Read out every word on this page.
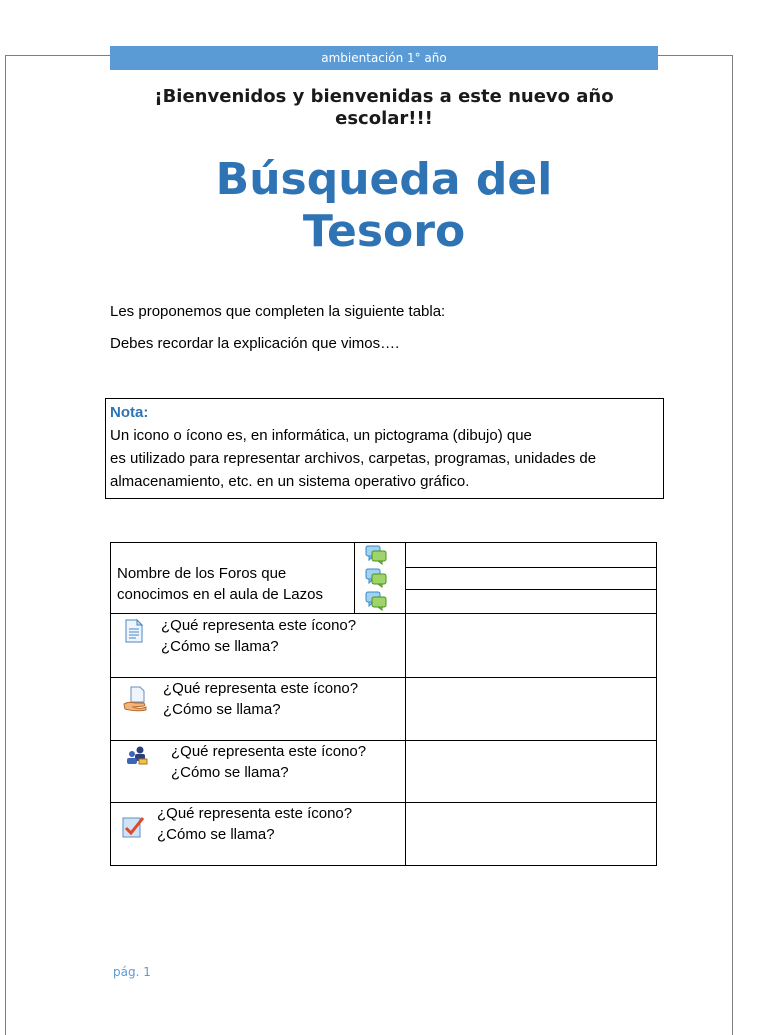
ambientación 1° año
¡Bienvenidos y bienvenidas a este nuevo año
escolar!!!
Búsqueda del
Tesoro
Les proponemos que completen la siguiente tabla:
Debes recordar la explicación que vimos….
Nota:
Un icono o ícono es, en informática, un pictograma (dibujo) que
es utilizado para representar archivos, carpetas, programas, unidades de
almacenamiento, etc. en un sistema operativo gráfico.
Nombre de los Foros que
conocimos en el aula de Lazos
¿Qué representa este ícono?
¿Cómo se llama?
¿Qué representa este ícono?
¿Cómo se llama?
¿Qué representa este ícono?
¿Cómo se llama?
¿Qué representa este ícono?
¿Cómo se llama?
pág. 1
